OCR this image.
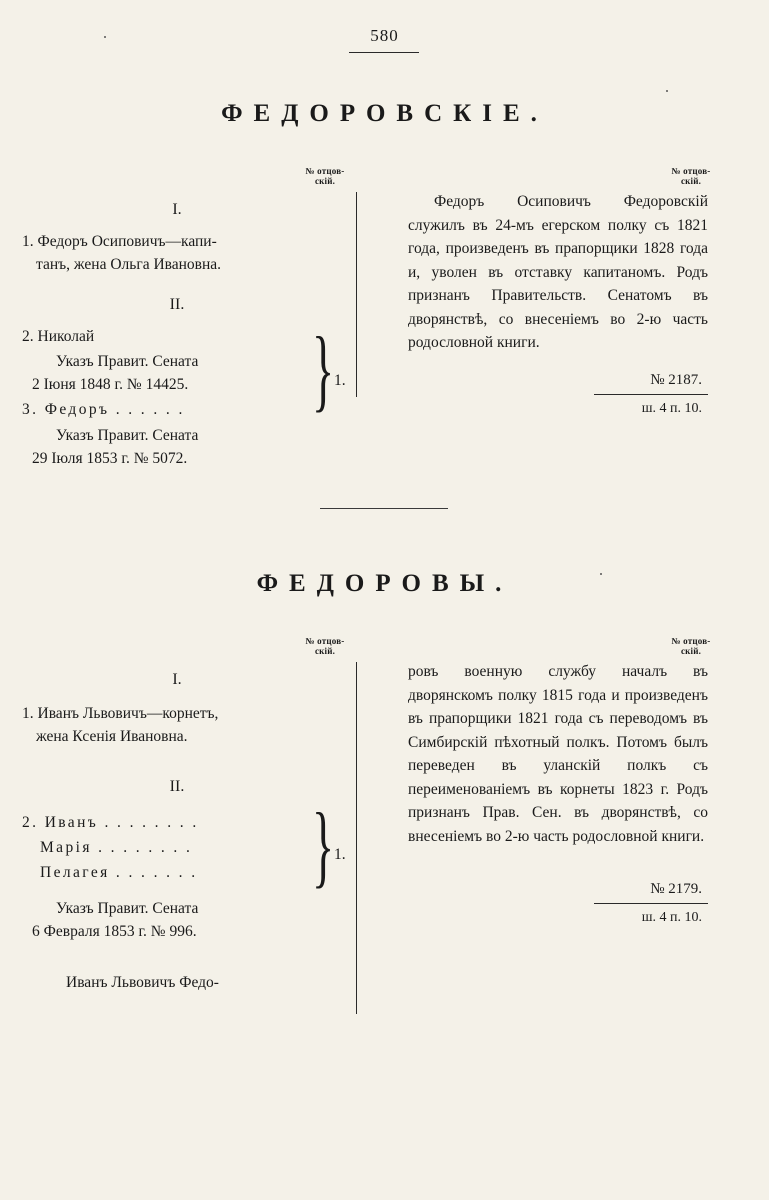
580
ФЕДОРОВСКІЕ.
№ отцов-
скій.
№ отцов-
скій.
I.
1. Федоръ Осиповичъ—капи-
танъ, жена Ольга Ивановна.
II.
2. Николай
Указъ Правит. Сената
2 Іюня 1848 г. № 14425.
3. Федоръ . . . . . .
Указъ Правит. Сената
29 Іюля 1853 г. № 5072.
} 1.
Федоръ Осиповичъ Федоровскій служилъ въ 24-мъ егерском полку съ 1821 года, произведенъ въ прапорщики 1828 года и, уволен въ отставку капитаномъ. Родъ признанъ Правительств. Сенатомъ въ дворянствѣ, со внесеніемъ во 2-ю часть родословной книги.
№ 2187.
ш. 4 п. 10.
ФЕДОРОВЫ.
№ отцов-
скій.
№ отцов-
скій.
I.
1. Иванъ Львовичъ—корнетъ,
жена Ксенія Ивановна.
II.
2. Иванъ . . . . . . . .
Марія . . . . . . . .
Пелагея . . . . . . .	} 1.
Указъ Правит. Сената
6 Февраля 1853 г. № 996.
Иванъ Львовичъ Федо-
ровъ военную службу началъ въ дворянскомъ полку 1815 года и произведенъ въ прапорщики 1821 года съ переводомъ въ Симбирскій пѣхотный полкъ. Потомъ былъ переведен въ уланскій полкъ съ переименованіемъ въ корнеты 1823 г. Родъ признанъ Прав. Сен. въ дворянствѣ, со внесеніемъ во 2-ю часть родословной книги.
№ 2179.
ш. 4 п. 10.
